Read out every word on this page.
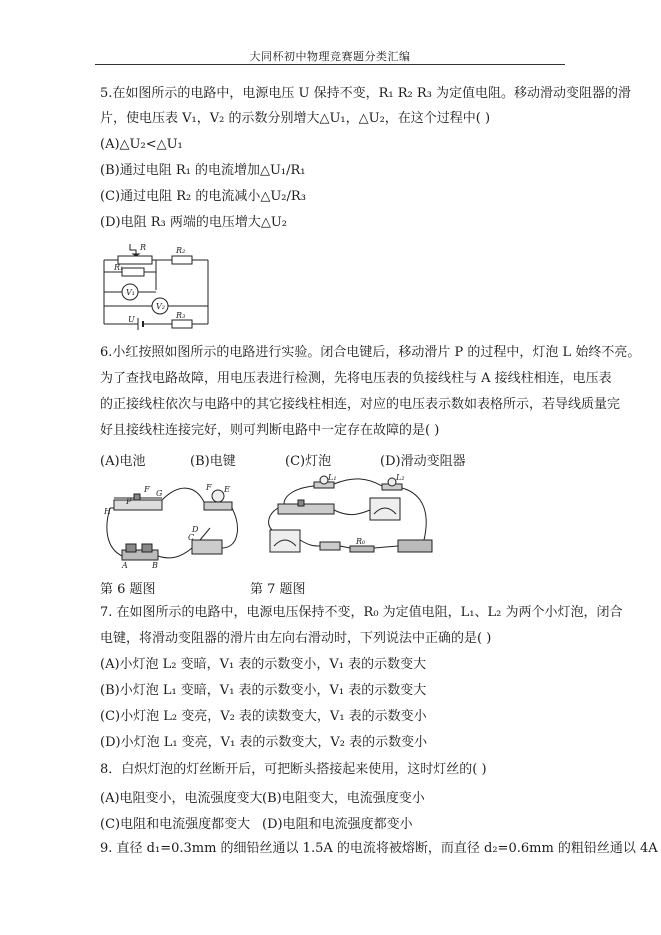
大同杯初中物理竞赛题分类汇编
5.在如图所示的电路中，电源电压 U 保持不变，R₁ R₂ R₃ 为定值电阻。移动滑动变阻器的滑
片，使电压表 V₁，V₂ 的示数分别增大△U₁，△U₂，在这个过程中( )
(A)△U₂<△U₁
(B)通过电阻 R₁ 的电流增加△U₁/R₁
(C)通过电阻 R₂ 的电流减小△U₂/R₃
(D)电阻 R₃ 两端的电压增大△U₂
R	R₂
R₁
V₁
V₂
U	R₃
6.小红按照如图所示的电路进行实验。闭合电键后，移动滑片 P 的过程中，灯泡 L 始终不亮。
为了查找电路故障，用电压表进行检测，先将电压表的负接线柱与 A 接线柱相连，电压表
的正接线柱依次与电路中的其它接线柱相连，对应的电压表示数如表格所示，若导线质量完
好且接线柱连接完好，则可判断电路中一定存在故障的是( )
(A)电池	(B)电键	(C)灯泡	(D)滑动变阻器
F G
H
P
F E
C
D
A	B
L₁	L₂
R₀
第 6 题图	第 7 题图
7. 在如图所示的电路中，电源电压保持不变，R₀ 为定值电阻，L₁、L₂ 为两个小灯泡，闭合
电键，将滑动变阻器的滑片由左向右滑动时，下列说法中正确的是( )
(A)小灯泡 L₂ 变暗，V₁ 表的示数变小，V₁ 表的示数变大
(B)小灯泡 L₁ 变暗，V₁ 表的示数变小，V₁ 表的示数变大
(C)小灯泡 L₂ 变亮，V₂ 表的读数变大，V₁ 表的示数变小
(D)小灯泡 L₁ 变亮，V₁ 表的示数变大，V₂ 表的示数变小
8．白炽灯泡的灯丝断开后，可把断头搭接起来使用，这时灯丝的( )
(A)电阻变小，电流强度变大 (B)电阻变大，电流强度变小
(C)电阻和电流强度都变大 (D)电阻和电流强度都变小
9. 直径 d₁=0.3mm 的细铅丝通以 1.5A 的电流将被熔断，而直径 d₂=0.6mm 的粗铅丝通以 4A
